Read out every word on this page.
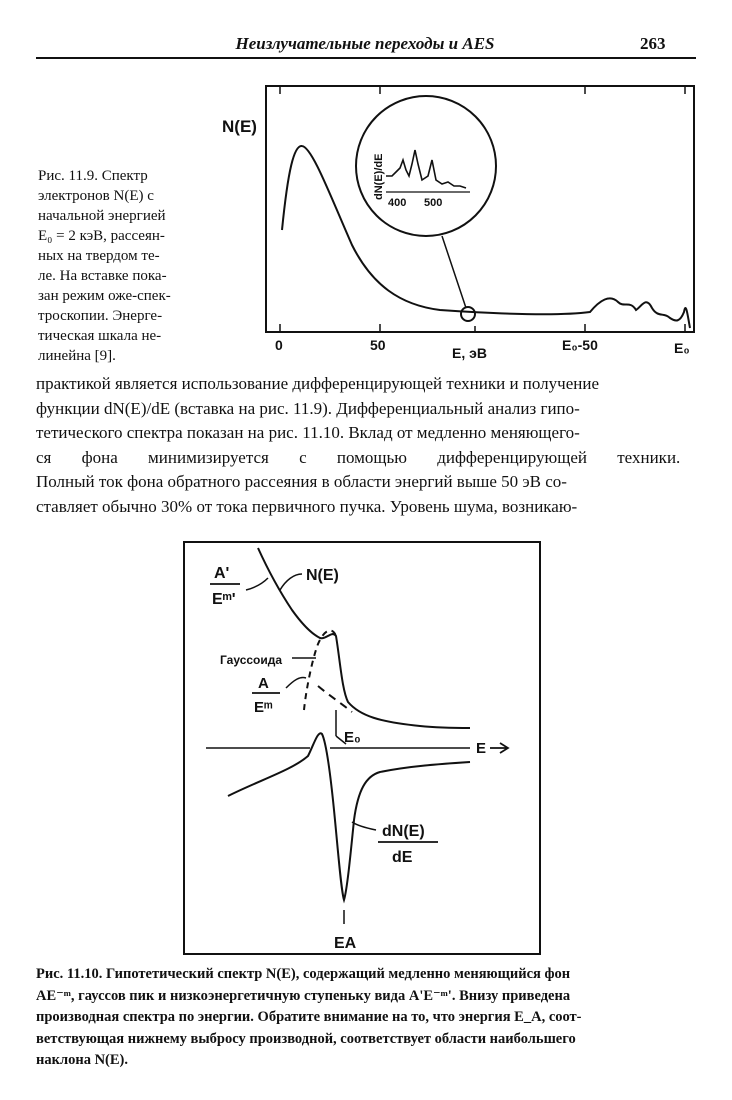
Неизлучательные переходы и AES	263
Рис. 11.9. Спектр
электронов N(E) с
начальной энергией
E₀ = 2 кэВ, рассеян-
ных на твердом те-
ле. На вставке пока-
зан режим оже-спек-
троскопии. Энерге-
тическая шкала не-
линейна [9].
N(E)
0	50	E₀-50	E₀
E, эВ
dN(E)/dE
400 500
практикой является использование дифференцирующей техники и получение
функции dN(E)/dE (вставка на рис. 11.9). Дифференциальный анализ гипо-
тетического спектра показан на рис. 11.10. Вклад от медленно меняющего-
ся фона минимизируется с помощью дифференцирующей техники.
Полный ток фона обратного рассеяния в области энергий выше 50 эВ со-
ставляет обычно 30% от тока первичного пучка. Уровень шума, возникаю-
A'
Eᵐ'
N(E)
Гауссоида
A
Eᵐ
E₀
E
dN(E)
dE
EA
Рис. 11.10. Гипотетический спектр N(E), содержащий медленно меняющийся фон
AE⁻ᵐ, гауссов пик и низкоэнергетичную ступеньку вида A'E⁻ᵐ'. Внизу приведена
производная спектра по энергии. Обратите внимание на то, что энергия E_A, соот-
ветствующая нижнему выбросу производной, соответствует области наибольшего
наклона N(E).
